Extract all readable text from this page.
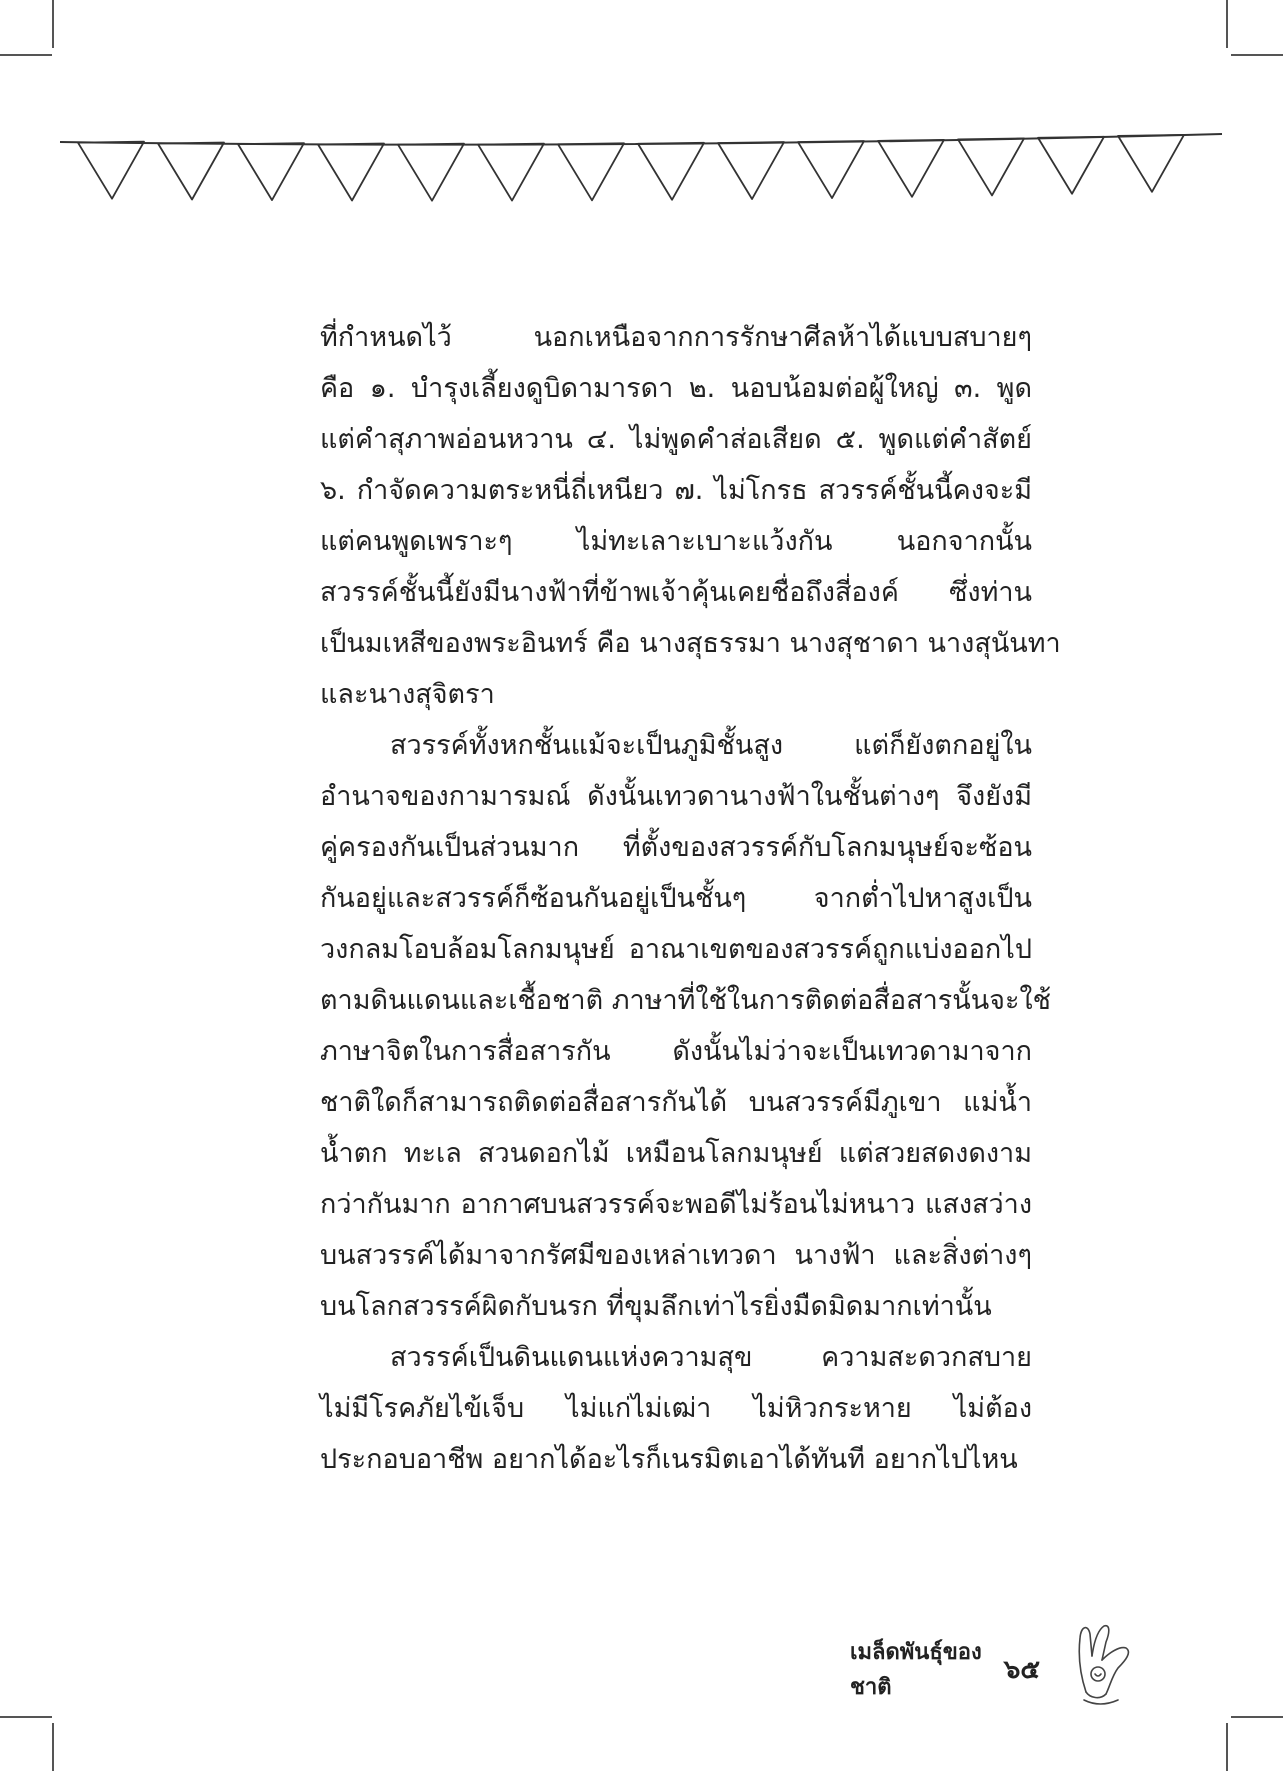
ที่กำหนดไว้ นอกเหนือจากการรักษาศีลห้าได้แบบสบายๆ
คือ ๑. บำรุงเลี้ยงดูบิดามารดา ๒. นอบน้อมต่อผู้ใหญ่ ๓. พูด
แต่คำสุภาพอ่อนหวาน ๔. ไม่พูดคำส่อเสียด ๕. พูดแต่คำสัตย์
๖. กำจัดความตระหนี่ถี่เหนียว ๗. ไม่โกรธ สวรรค์ชั้นนี้คงจะมี
แต่คนพูดเพราะๆ ไม่ทะเลาะเบาะแว้งกัน นอกจากนั้น
สวรรค์ชั้นนี้ยังมีนางฟ้าที่ข้าพเจ้าคุ้นเคยชื่อถึงสี่องค์ ซึ่งท่าน
เป็นมเหสีของพระอินทร์ คือ นางสุธรรมา นางสุชาดา นางสุนันทา
และนางสุจิตรา
สวรรค์ทั้งหกชั้นแม้จะเป็นภูมิชั้นสูง แต่ก็ยังตกอยู่ใน
อำนาจของกามารมณ์ ดังนั้นเทวดานางฟ้าในชั้นต่างๆ จึงยังมี
คู่ครองกันเป็นส่วนมาก ที่ตั้งของสวรรค์กับโลกมนุษย์จะซ้อน
กันอยู่และสวรรค์ก็ซ้อนกันอยู่เป็นชั้นๆ จากต่ำไปหาสูงเป็น
วงกลมโอบล้อมโลกมนุษย์ อาณาเขตของสวรรค์ถูกแบ่งออกไป
ตามดินแดนและเชื้อชาติ ภาษาที่ใช้ในการติดต่อสื่อสารนั้นจะใช้
ภาษาจิตในการสื่อสารกัน ดังนั้นไม่ว่าจะเป็นเทวดามาจาก
ชาติใดก็สามารถติดต่อสื่อสารกันได้ บนสวรรค์มีภูเขา แม่น้ำ
น้ำตก ทะเล สวนดอกไม้ เหมือนโลกมนุษย์ แต่สวยสดงดงาม
กว่ากันมาก อากาศบนสวรรค์จะพอดีไม่ร้อนไม่หนาว แสงสว่าง
บนสวรรค์ได้มาจากรัศมีของเหล่าเทวดา นางฟ้า และสิ่งต่างๆ
บนโลกสวรรค์ผิดกับนรก ที่ขุมลึกเท่าไรยิ่งมืดมิดมากเท่านั้น
สวรรค์เป็นดินแดนแห่งความสุข ความสะดวกสบาย
ไม่มีโรคภัยไข้เจ็บ ไม่แก่ไม่เฒ่า ไม่หิวกระหาย ไม่ต้อง
ประกอบอาชีพ อยากได้อะไรก็เนรมิตเอาได้ทันที อยากไปไหน
เมล็ดพันธุ์ของชาติ
๖๕
